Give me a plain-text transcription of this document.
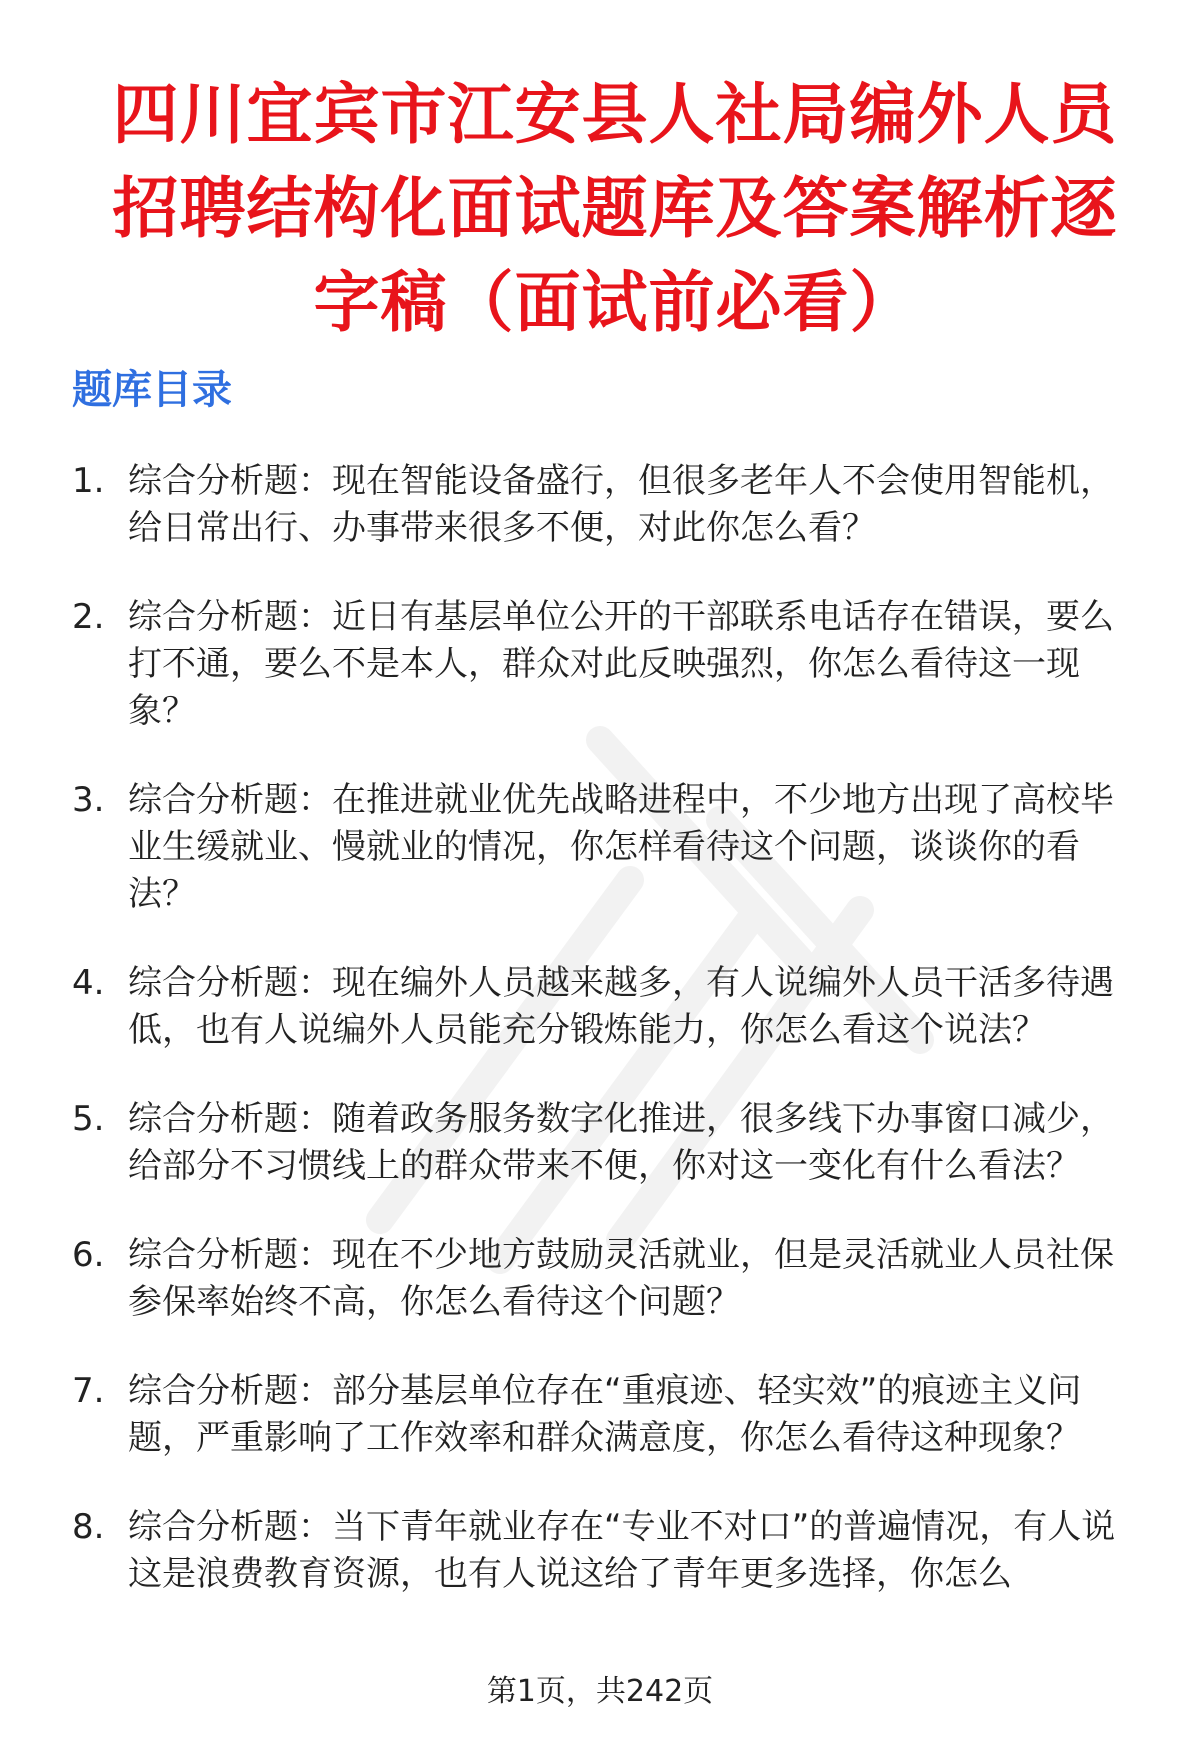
四川宜宾市江安县人社局编外人员招聘结构化面试题库及答案解析逐字稿（面试前必看）
题库目录
1. 综合分析题：现在智能设备盛行，但很多老年人不会使用智能机，给日常出行、办事带来很多不便，对此你怎么看？
2. 综合分析题：近日有基层单位公开的干部联系电话存在错误，要么打不通，要么不是本人，群众对此反映强烈，你怎么看待这一现象？
3. 综合分析题：在推进就业优先战略进程中，不少地方出现了高校毕业生缓就业、慢就业的情况，你怎样看待这个问题，谈谈你的看法？
4. 综合分析题：现在编外人员越来越多，有人说编外人员干活多待遇低，也有人说编外人员能充分锻炼能力，你怎么看这个说法？
5. 综合分析题：随着政务服务数字化推进，很多线下办事窗口减少，给部分不习惯线上的群众带来不便，你对这一变化有什么看法？
6. 综合分析题：现在不少地方鼓励灵活就业，但是灵活就业人员社保参保率始终不高，你怎么看待这个问题？
7. 综合分析题：部分基层单位存在“重痕迹、轻实效”的痕迹主义问题，严重影响了工作效率和群众满意度，你怎么看待这种现象？
8. 综合分析题：当下青年就业存在“专业不对口”的普遍情况，有人说这是浪费教育资源，也有人说这给了青年更多选择，你怎么
第1页，共242页
